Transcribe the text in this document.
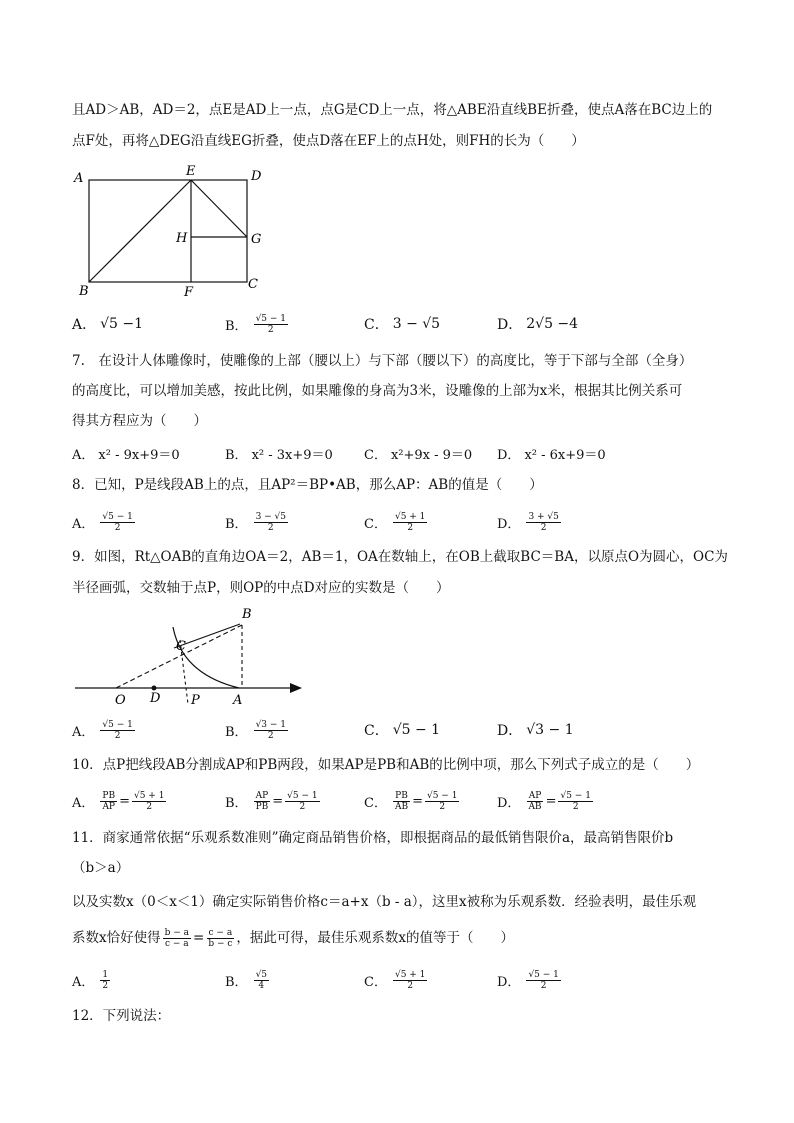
且AD＞AB，AD＝2，点E是AD上一点，点G是CD上一点，将△ABE沿直线BE折叠，使点A落在BC边上的
点F处，再将△DEG沿直线EG折叠，使点D落在EF上的点H处，则FH的长为（　　）
A	E	D
H	G
B	F
C
A． √5 −1	B． $\frac{√5 - 1}{2}$	C． 3 − √5	D． 2√5 −4
7.　在设计人体雕像时，使雕像的上部（腰以上）与下部（腰以下）的高度比，等于下部与全部（全身）
的高度比，可以增加美感，按此比例，如果雕像的身高为3米，设雕像的上部为x米，根据其比例关系可
得其方程应为（　　）
A． x² - 9x+9＝0	B． x² - 3x+9＝0 C． x²+9x - 9＝0 D． x² - 6x+9＝0
8．已知，P是线段AB上的点，且AP²＝BP•AB，那么AP：AB的值是（　　）
A． $\frac{√5 - 1}{2}$	B． $\frac{3 - √5}{2}$	C． $\frac{√5 + 1}{2}$	D． $\frac{3 + √5}{2}$
9．如图，Rt△OAB的直角边OA＝2，AB＝1，OA在数轴上，在OB上截取BC＝BA，以原点O为圆心，OC为
半径画弧，交数轴于点P，则OP的中点D对应的实数是（　　）
B
C
O D P	A
A． $\frac{√5 - 1}{2}$	B． $\frac{√3 - 1}{2}$	C． √5 − 1	D． √3 − 1
10．点P把线段AB分割成AP和PB两段，如果AP是PB和AB的比例中项，那么下列式子成立的是（　　）
A． $\frac{PB}{AP} = \frac{√5 + 1}{2}$	B． $\frac{AP}{PB} = \frac{√5 - 1}{2}$	C． $\frac{PB}{AB} = \frac{√5 - 1}{2}$	D． $\frac{AP}{AB} = \frac{√5 - 1}{2}$
11．商家通常依据“乐观系数准则”确定商品销售价格，即根据商品的最低销售限价a，最高销售限价b
（b＞a）
以及实数x（0＜x＜1）确定实际销售价格c＝a+x（b - a），这里x被称为乐观系数．经验表明，最佳乐观
系数x恰好使得 $\frac{b - a}{c - a} = \frac{c - a}{b - c}$ ，据此可得，最佳乐观系数x的值等于（　　）
A． $\frac{1}{2}$	B． $\frac{√5}{4}$	C． $\frac{√5 + 1}{2}$	D． $\frac{√5 - 1}{2}$
12．下列说法：
